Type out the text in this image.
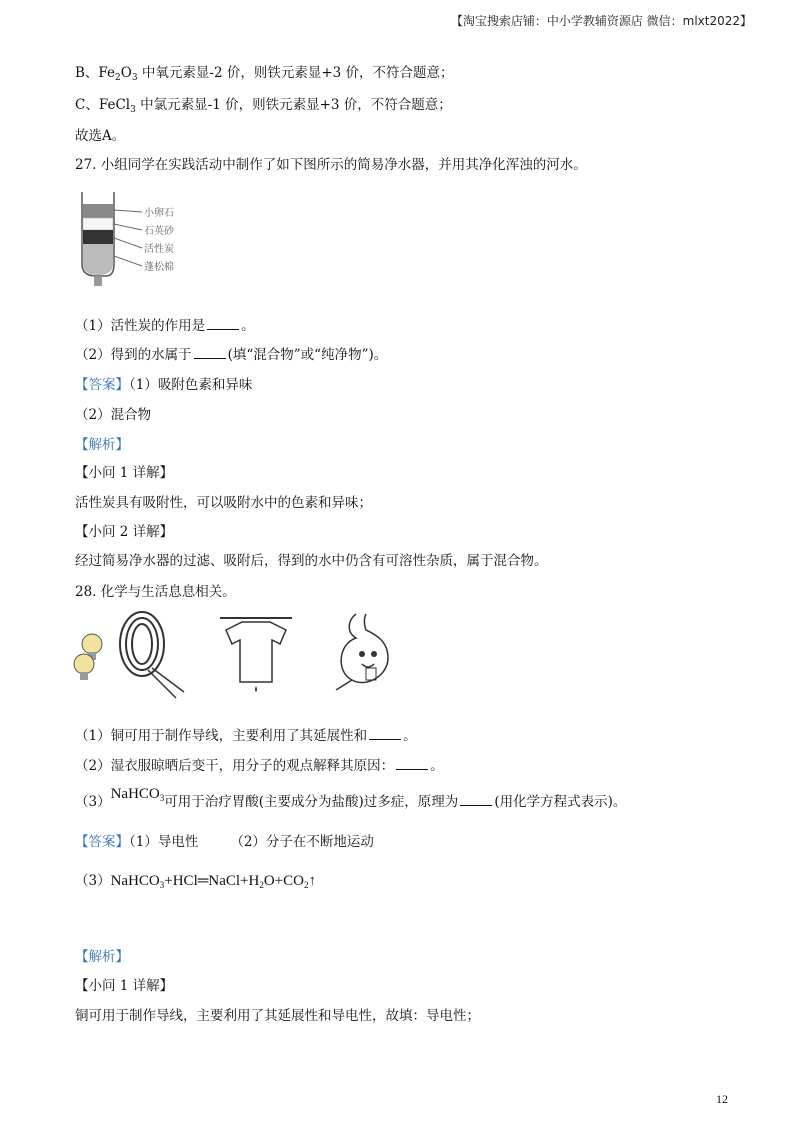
【淘宝搜索店铺：中小学教辅资源店 微信：mlxt2022】
B、$Fe_2O_3$ 中氧元素显-2 价，则铁元素显+3 价，不符合题意；
C、FeCl$_3$ 中氯元素显-1 价，则铁元素显+3 价，不符合题意；
故选A。
27. 小组同学在实践活动中制作了如下图所示的简易净水器，并用其净化浑浊的河水。
小卵石
石英砂
活性炭
蓬松棉
（1）活性炭的作用是	。
（2）得到的水属于	(填“混合物”或“纯净物”)。
【答案】（1）吸附色素和异味
（2）混合物
【解析】
【小问 1 详解】
活性炭具有吸附性，可以吸附水中的色素和异味；
【小问 2 详解】
经过简易净水器的过滤、吸附后，得到的水中仍含有可溶性杂质，属于混合物。
28. 化学与生活息息相关。
（1）铜可用于制作导线，主要利用了其延展性和	。
（2）湿衣服晾晒后变干，用分子的观点解释其原因：	。
（3）NaHCO$_3$可用于治疗胃酸(主要成分为盐酸)过多症，原理为	(用化学方程式表示)。
【答案】（1）导电性 （2）分子在不断地运动
$(3)NaHCO_3+HCl═NaCl+H_2O+CO_2↑$
【解析】
【小问 1 详解】
铜可用于制作导线，主要利用了其延展性和导电性，故填：导电性；
12
